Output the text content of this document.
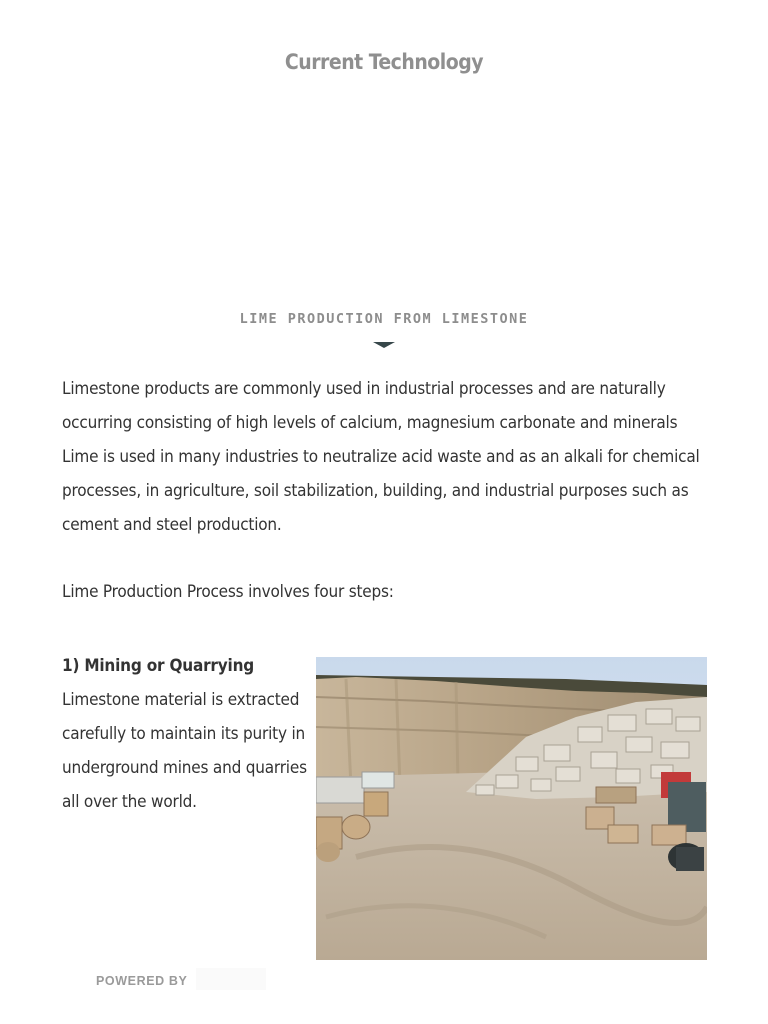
Current Technology
LIME PRODUCTION FROM LIMESTONE
Limestone products are commonly used in industrial processes and are naturally occurring consisting of high levels of calcium, magnesium carbonate and minerals Lime is used in many industries to neutralize acid waste and as an alkali for chemical processes, in agriculture, soil stabilization, building, and industrial purposes such as cement and steel production.
Lime Production Process involves four steps:
1) Mining or Quarrying
Limestone material is extracted carefully to maintain its purity in underground mines and quarries all over the world.
POWERED BY
